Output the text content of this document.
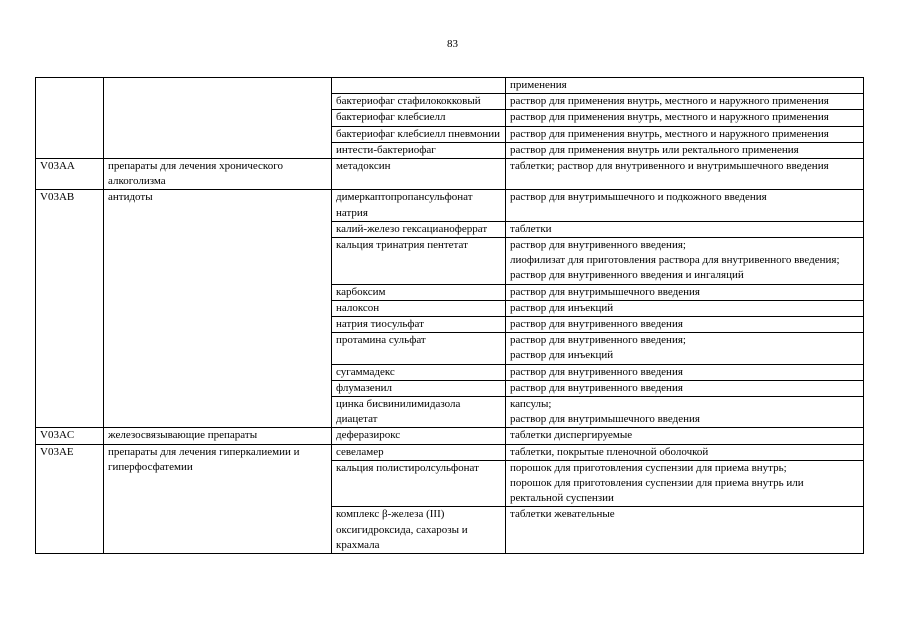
83

			применения

		бактериофаг стафилококковый	раствор для применения внутрь, местного и наружного применения

		бактериофаг клебсиелл	раствор для применения внутрь, местного и наружного применения

		бактериофаг клебсиелл пневмонии	раствор для применения внутрь, местного и наружного применения

		интести-бактериофаг	раствор для применения внутрь или ректального применения

V03AA	препараты для лечения хронического алкоголизма	метадоксин	таблетки; раствор для внутривенного и внутримышечного введения

V03AB	антидоты	димеркаптопропансульфонат натрия	раствор для внутримышечного и подкожного введения

		калий-железо гексацианоферрат	таблетки

		кальция тринатрия пентетат	раствор для внутривенного введения;
лиофилизат для приготовления раствора для внутривенного введения;
раствор для внутривенного введения и ингаляций

		карбоксим	раствор для внутримышечного введения

		налоксон	раствор для инъекций

		натрия тиосульфат	раствор для внутривенного введения

		протамина сульфат	раствор для внутривенного введения;
раствор для инъекций

		сугаммадекс	раствор для внутривенного введения

		флумазенил	раствор для внутривенного введения

		цинка бисвинилимидазола диацетат	капсулы;
раствор для внутримышечного введения

V03AC	железосвязывающие препараты	деферазирокс	таблетки диспергируемые

V03AE	препараты для лечения гиперкалиемии и гиперфосфатемии	севеламер	таблетки, покрытые пленочной оболочкой

		кальция полистиролсульфонат	порошок для приготовления суспензии для приема внутрь;
порошок для приготовления суспензии для приема внутрь или ректальной суспензии

		комплекс β-железа (III) оксигидроксида, сахарозы и крахмала	таблетки жевательные
